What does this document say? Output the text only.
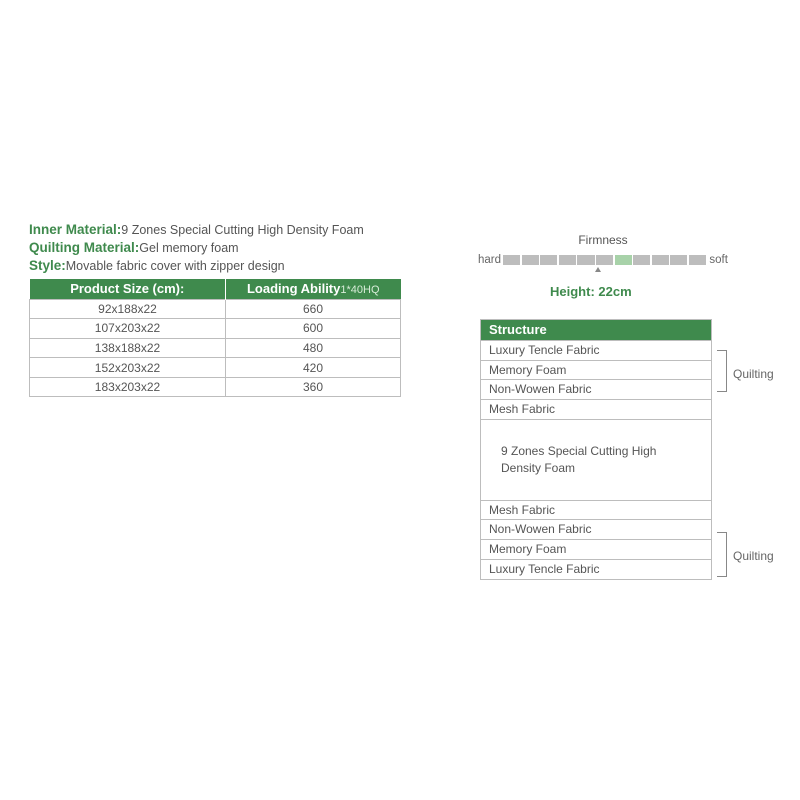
Inner Material:9 Zones Special Cutting High Density Foam
Quilting Material:Gel memory foam
Style:Movable fabric cover with zipper design
Product Size (cm):	Loading Ability1*40HQ
92x188x22	660
107x203x22	600
138x188x22	480
152x203x22	420
183x203x22	360
Firmness
hard	soft
Height: 22cm
Structure
Luxury Tencle Fabric
Memory Foam
Non-Wowen Fabric
Mesh Fabric
9 Zones Special Cutting High Density Foam
Mesh Fabric
Non-Wowen Fabric
Memory Foam
Luxury Tencle Fabric
Quilting
Quilting
